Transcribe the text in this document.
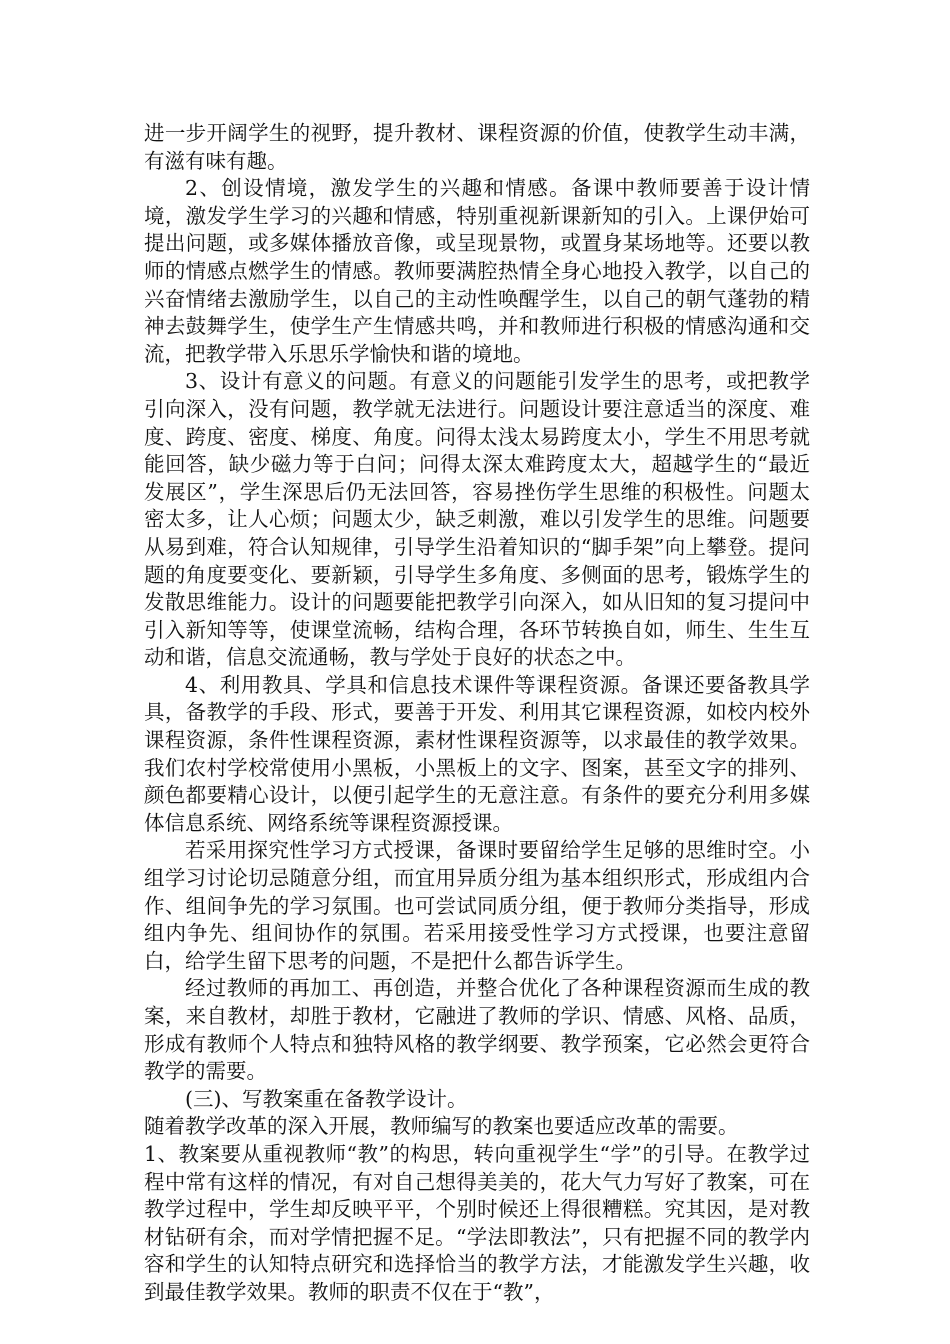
进一步开阔学生的视野，提升教材、课程资源的价值，使教学生动丰满，有滋有味有趣。

2、创设情境，激发学生的兴趣和情感。备课中教师要善于设计情境，激发学生学习的兴趣和情感，特别重视新课新知的引入。上课伊始可提出问题，或多媒体播放音像，或呈现景物，或置身某场地等。还要以教师的情感点燃学生的情感。教师要满腔热情全身心地投入教学，以自己的兴奋情绪去激励学生，以自己的主动性唤醒学生，以自己的朝气蓬勃的精神去鼓舞学生，使学生产生情感共鸣，并和教师进行积极的情感沟通和交流，把教学带入乐思乐学愉快和谐的境地。

3、设计有意义的问题。有意义的问题能引发学生的思考，或把教学引向深入，没有问题，教学就无法进行。问题设计要注意适当的深度、难度、跨度、密度、梯度、角度。问得太浅太易跨度太小，学生不用思考就能回答，缺少磁力等于白问；问得太深太难跨度太大，超越学生的“最近发展区”，学生深思后仍无法回答，容易挫伤学生思维的积极性。问题太密太多，让人心烦；问题太少，缺乏刺激，难以引发学生的思维。问题要从易到难，符合认知规律，引导学生沿着知识的“脚手架”向上攀登。提问题的角度要变化、要新颖，引导学生多角度、多侧面的思考，锻炼学生的发散思维能力。设计的问题要能把教学引向深入，如从旧知的复习提问中引入新知等等，使课堂流畅，结构合理，各环节转换自如，师生、生生互动和谐，信息交流通畅，教与学处于良好的状态之中。

4、利用教具、学具和信息技术课件等课程资源。备课还要备教具学具，备教学的手段、形式，要善于开发、利用其它课程资源，如校内校外课程资源，条件性课程资源，素材性课程资源等，以求最佳的教学效果。我们农村学校常使用小黑板，小黑板上的文字、图案，甚至文字的排列、颜色都要精心设计，以便引起学生的无意注意。有条件的要充分利用多媒体信息系统、网络系统等课程资源授课。

若采用探究性学习方式授课，备课时要留给学生足够的思维时空。小组学习讨论切忌随意分组，而宜用异质分组为基本组织形式，形成组内合作、组间争先的学习氛围。也可尝试同质分组，便于教师分类指导，形成组内争先、组间协作的氛围。若采用接受性学习方式授课，也要注意留白，给学生留下思考的问题，不是把什么都告诉学生。

经过教师的再加工、再创造，并整合优化了各种课程资源而生成的教案，来自教材，却胜于教材，它融进了教师的学识、情感、风格、品质，形成有教师个人特点和独特风格的教学纲要、教学预案，它必然会更符合教学的需要。

(三)、写教案重在备教学设计。

随着教学改革的深入开展，教师编写的教案也要适应改革的需要。

1、教案要从重视教师“教”的构思，转向重视学生“学”的引导。在教学过程中常有这样的情况，有对自己想得美美的，花大气力写好了教案，可在教学过程中，学生却反映平平，个别时候还上得很糟糕。究其因，是对教材钻研有余，而对学情把握不足。“学法即教法”，只有把握不同的教学内容和学生的认知特点研究和选择恰当的教学方法，才能激发学生兴趣，收到最佳教学效果。教师的职责不仅在于“教”，
